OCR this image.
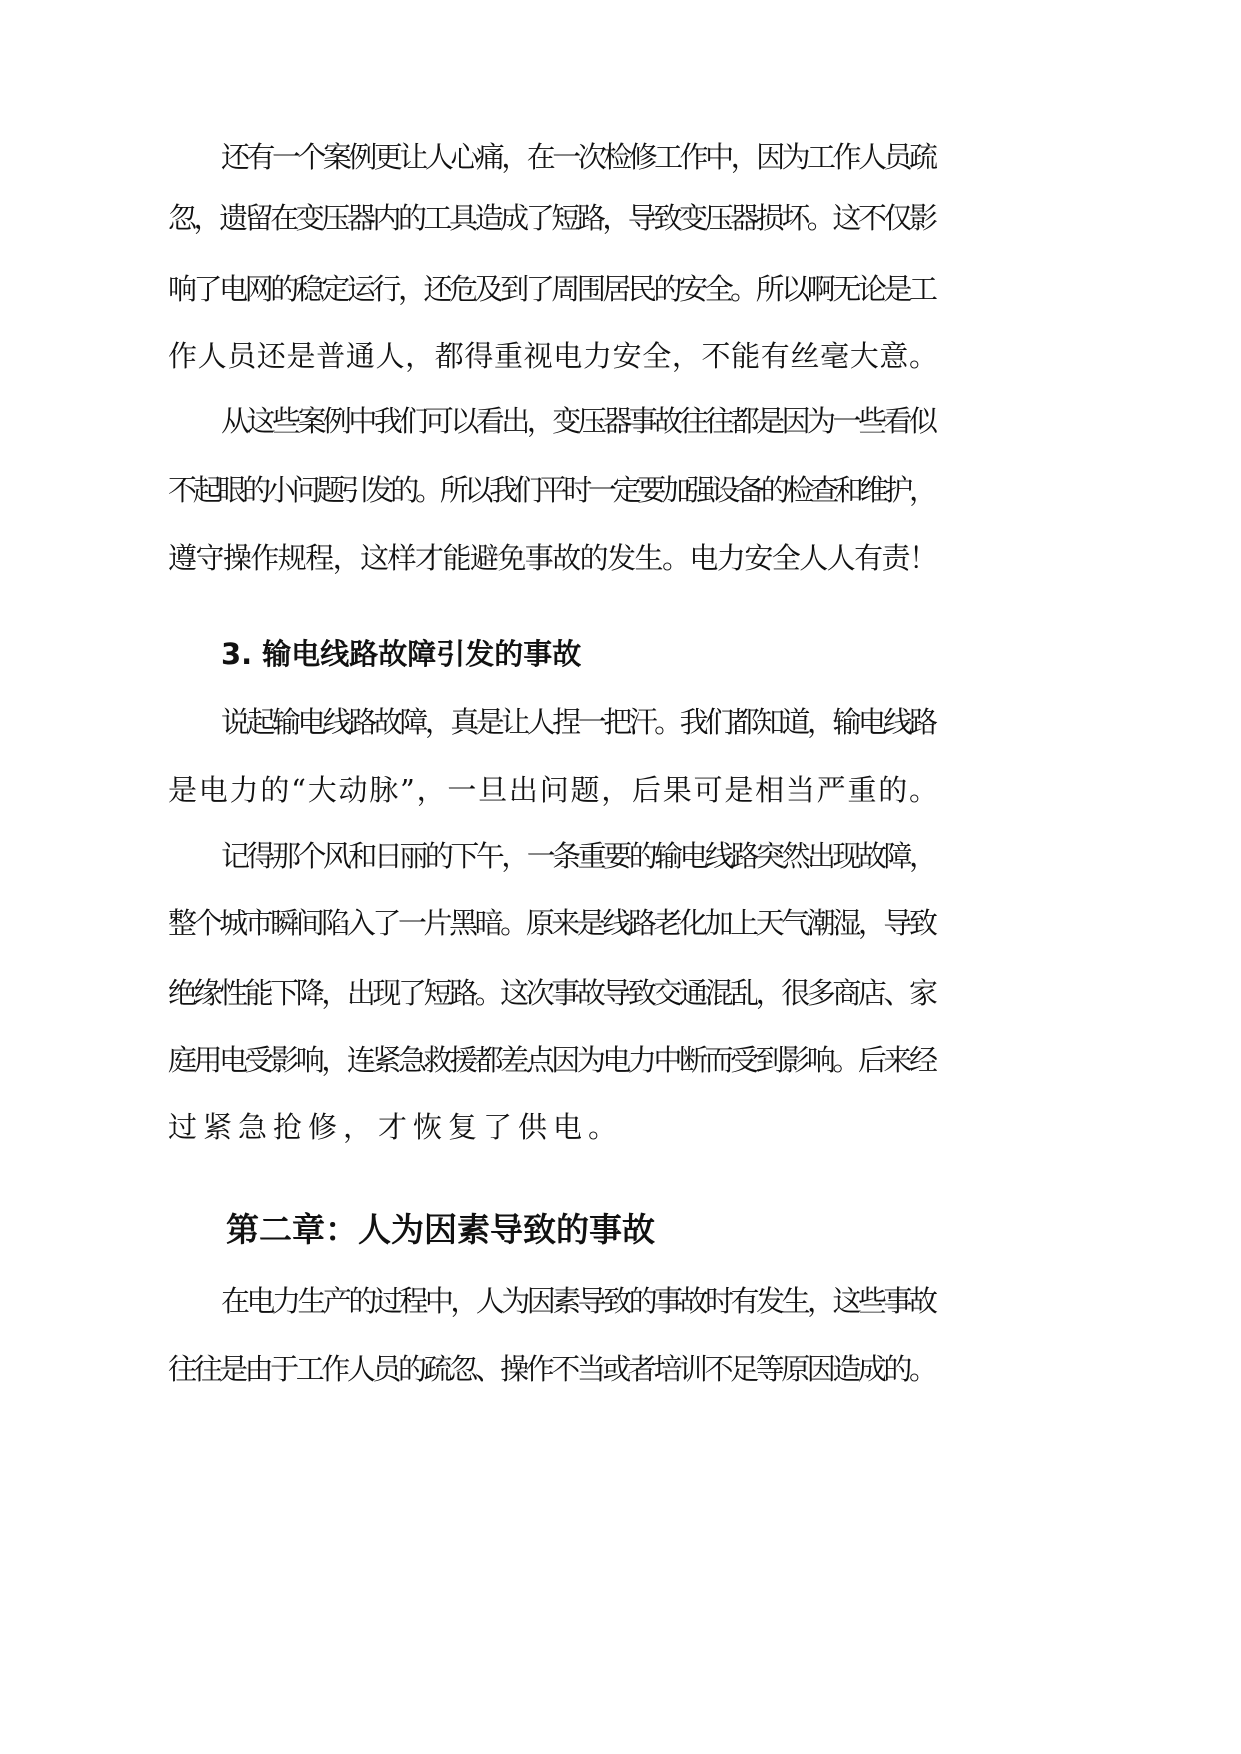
还有一个案例更让人心痛，在一次检修工作中，因为工作人员疏
忽，遗留在变压器内的工具造成了短路，导致变压器损坏。这不仅影
响了电网的稳定运行，还危及到了周围居民的安全。所以啊无论是工
作人员还是普通人，都得重视电力安全，不能有丝毫大意。
从这些案例中我们可以看出，变压器事故往往都是因为一些看似
不起眼的小问题引发的。所以我们平时一定要加强设备的检查和维护，
遵守操作规程，这样才能避免事故的发生。电力安全人人有责！
3. 输电线路故障引发的事故
说起输电线路故障，真是让人捏一把汗。我们都知道，输电线路
是电力的“大动脉”，一旦出问题，后果可是相当严重的。
记得那个风和日丽的下午，一条重要的输电线路突然出现故障，
整个城市瞬间陷入了一片黑暗。原来是线路老化加上天气潮湿，导致
绝缘性能下降，出现了短路。这次事故导致交通混乱，很多商店、家
庭用电受影响，连紧急救援都差点因为电力中断而受到影响。后来经
过紧急抢修，才恢复了供电。
第二章：人为因素导致的事故
在电力生产的过程中，人为因素导致的事故时有发生，这些事故
往往是由于工作人员的疏忽、操作不当或者培训不足等原因造成的。
